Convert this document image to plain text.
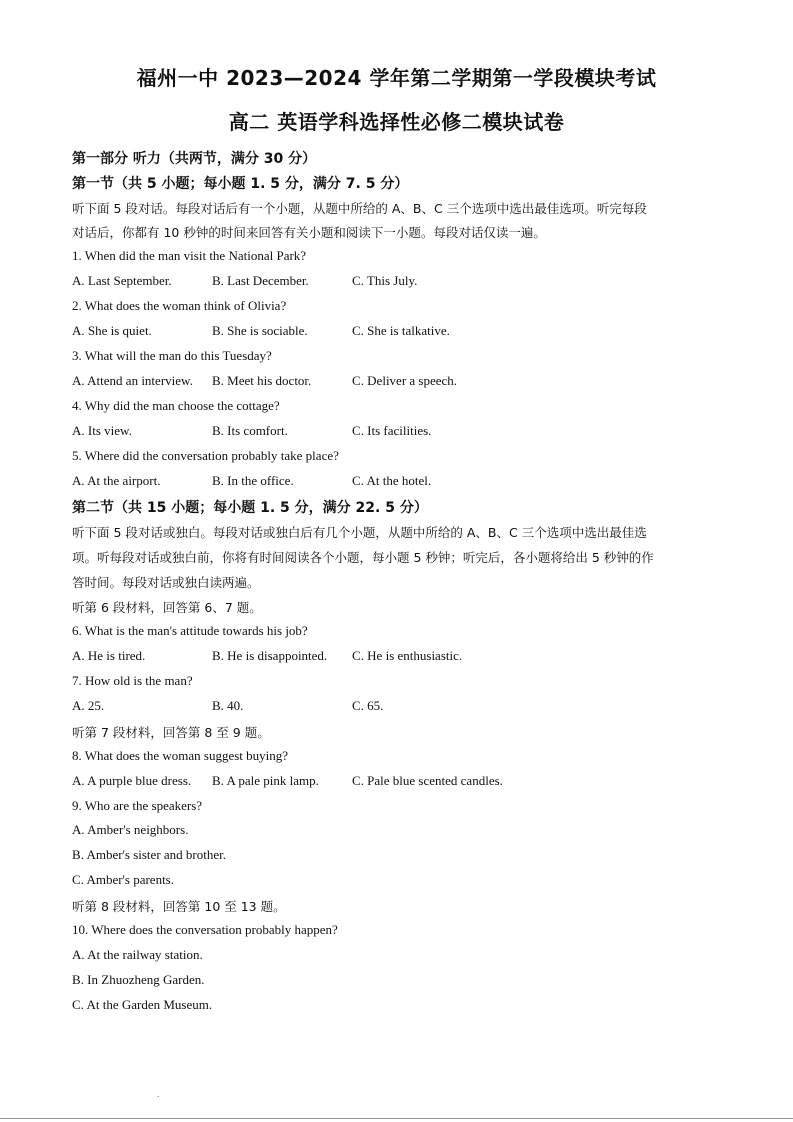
福州一中 2023—2024 学年第二学期第一学段模块考试
高二 英语学科选择性必修二模块试卷
第一部分 听力（共两节，满分 30 分）
第一节（共 5 小题；每小题 1. 5 分，满分 7. 5 分）
听下面 5 段对话。每段对话后有一个小题，从题中所给的 A、B、C 三个选项中选出最佳选项。听完每段
对话后，你都有 10 秒钟的时间来回答有关小题和阅读下一小题。每段对话仅读一遍。
1. When did the man visit the National Park?
A. Last September.	B. Last December.	C. This July.
2. What does the woman think of Olivia?
A. She is quiet.	B. She is sociable.	C. She is talkative.
3. What will the man do this Tuesday?
A. Attend an interview. B. Meet his doctor.	C. Deliver a speech.
4. Why did the man choose the cottage?
A. Its view.	B. Its comfort.	C. Its facilities.
5. Where did the conversation probably take place?
A. At the airport.	B. In the office.	C. At the hotel.
第二节（共 15 小题；每小题 1. 5 分，满分 22. 5 分）
听下面 5 段对话或独白。每段对话或独白后有几个小题，从题中所给的 A、B、C 三个选项中选出最佳选
项。听每段对话或独白前，你将有时间阅读各个小题，每小题 5 秒钟；听完后，各小题将给出 5 秒钟的作
答时间。每段对话或独白读两遍。
听第 6 段材料，回答第 6、7 题。
6. What is the man's attitude towards his job?
A. He is tired.	B. He is disappointed. C. He is enthusiastic.
7. How old is the man?
A. 25.	B. 40.	C. 65.
听第 7 段材料，回答第 8 至 9 题。
8. What does the woman suggest buying?
A. A purple blue dress. B. A pale pink lamp.	C. Pale blue scented candles.
9. Who are the speakers?
A. Amber's neighbors.
B. Amber's sister and brother.
C. Amber's parents.
听第 8 段材料，回答第 10 至 13 题。
10. Where does the conversation probably happen?
A. At the railway station.
B. In Zhuozheng Garden.
C. At the Garden Museum.
.
